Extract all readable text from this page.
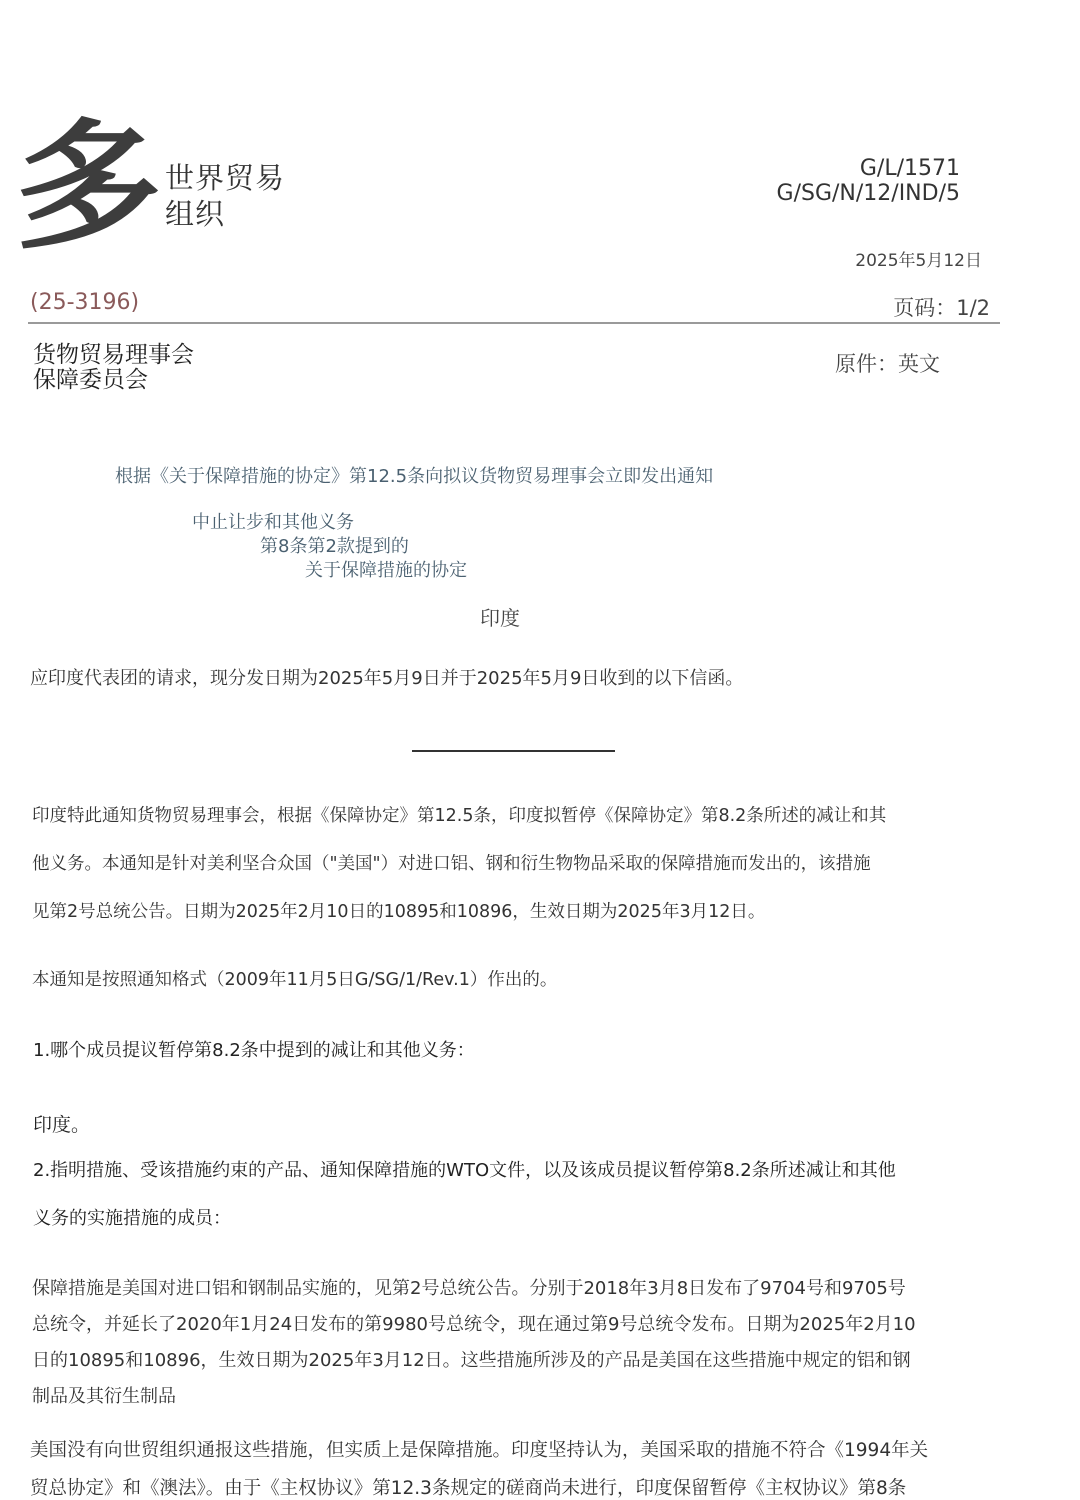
多 世界贸易
组织
G/L/1571
G/SG/N/12/IND/5
2025年5月12日
(25-3196)	页码：1/2
货物贸易理事会
保障委员会
原件：英文
根据《关于保障措施的协定》第12.5条向拟议货物贸易理事会立即发出通知
中止让步和其他义务
第8条第2款提到的
关于保障措施的协定
印度
应印度代表团的请求，现分发日期为2025年5月9日并于2025年5月9日收到的以下信函。
印度特此通知货物贸易理事会，根据《保障协定》第12.5条，印度拟暂停《保障协定》第8.2条所述的减让和其
他义务。本通知是针对美利坚合众国（"美国"）对进口铝、钢和衍生物物品采取的保障措施而发出的，该措施
见第2号总统公告。日期为2025年2月10日的10895和10896，生效日期为2025年3月12日。
本通知是按照通知格式（2009年11月5日G/SG/1/Rev.1）作出的。
1.哪个成员提议暂停第8.2条中提到的减让和其他义务：
印度。
2.指明措施、受该措施约束的产品、通知保障措施的WTO文件，以及该成员提议暂停第8.2条所述减让和其他
义务的实施措施的成员：
保障措施是美国对进口铝和钢制品实施的，见第2号总统公告。分别于2018年3月8日发布了9704号和9705号
总统令，并延长了2020年1月24日发布的第9980号总统令，现在通过第9号总统令发布。日期为2025年2月10
日的10895和10896，生效日期为2025年3月12日。这些措施所涉及的产品是美国在这些措施中规定的铝和钢
制品及其衍生制品
美国没有向世贸组织通报这些措施，但实质上是保障措施。印度坚持认为，美国采取的措施不符合《1994年关
贸总协定》和《澳法》。由于《主权协议》第12.3条规定的磋商尚未进行，印度保留暂停《主权协议》第8条
